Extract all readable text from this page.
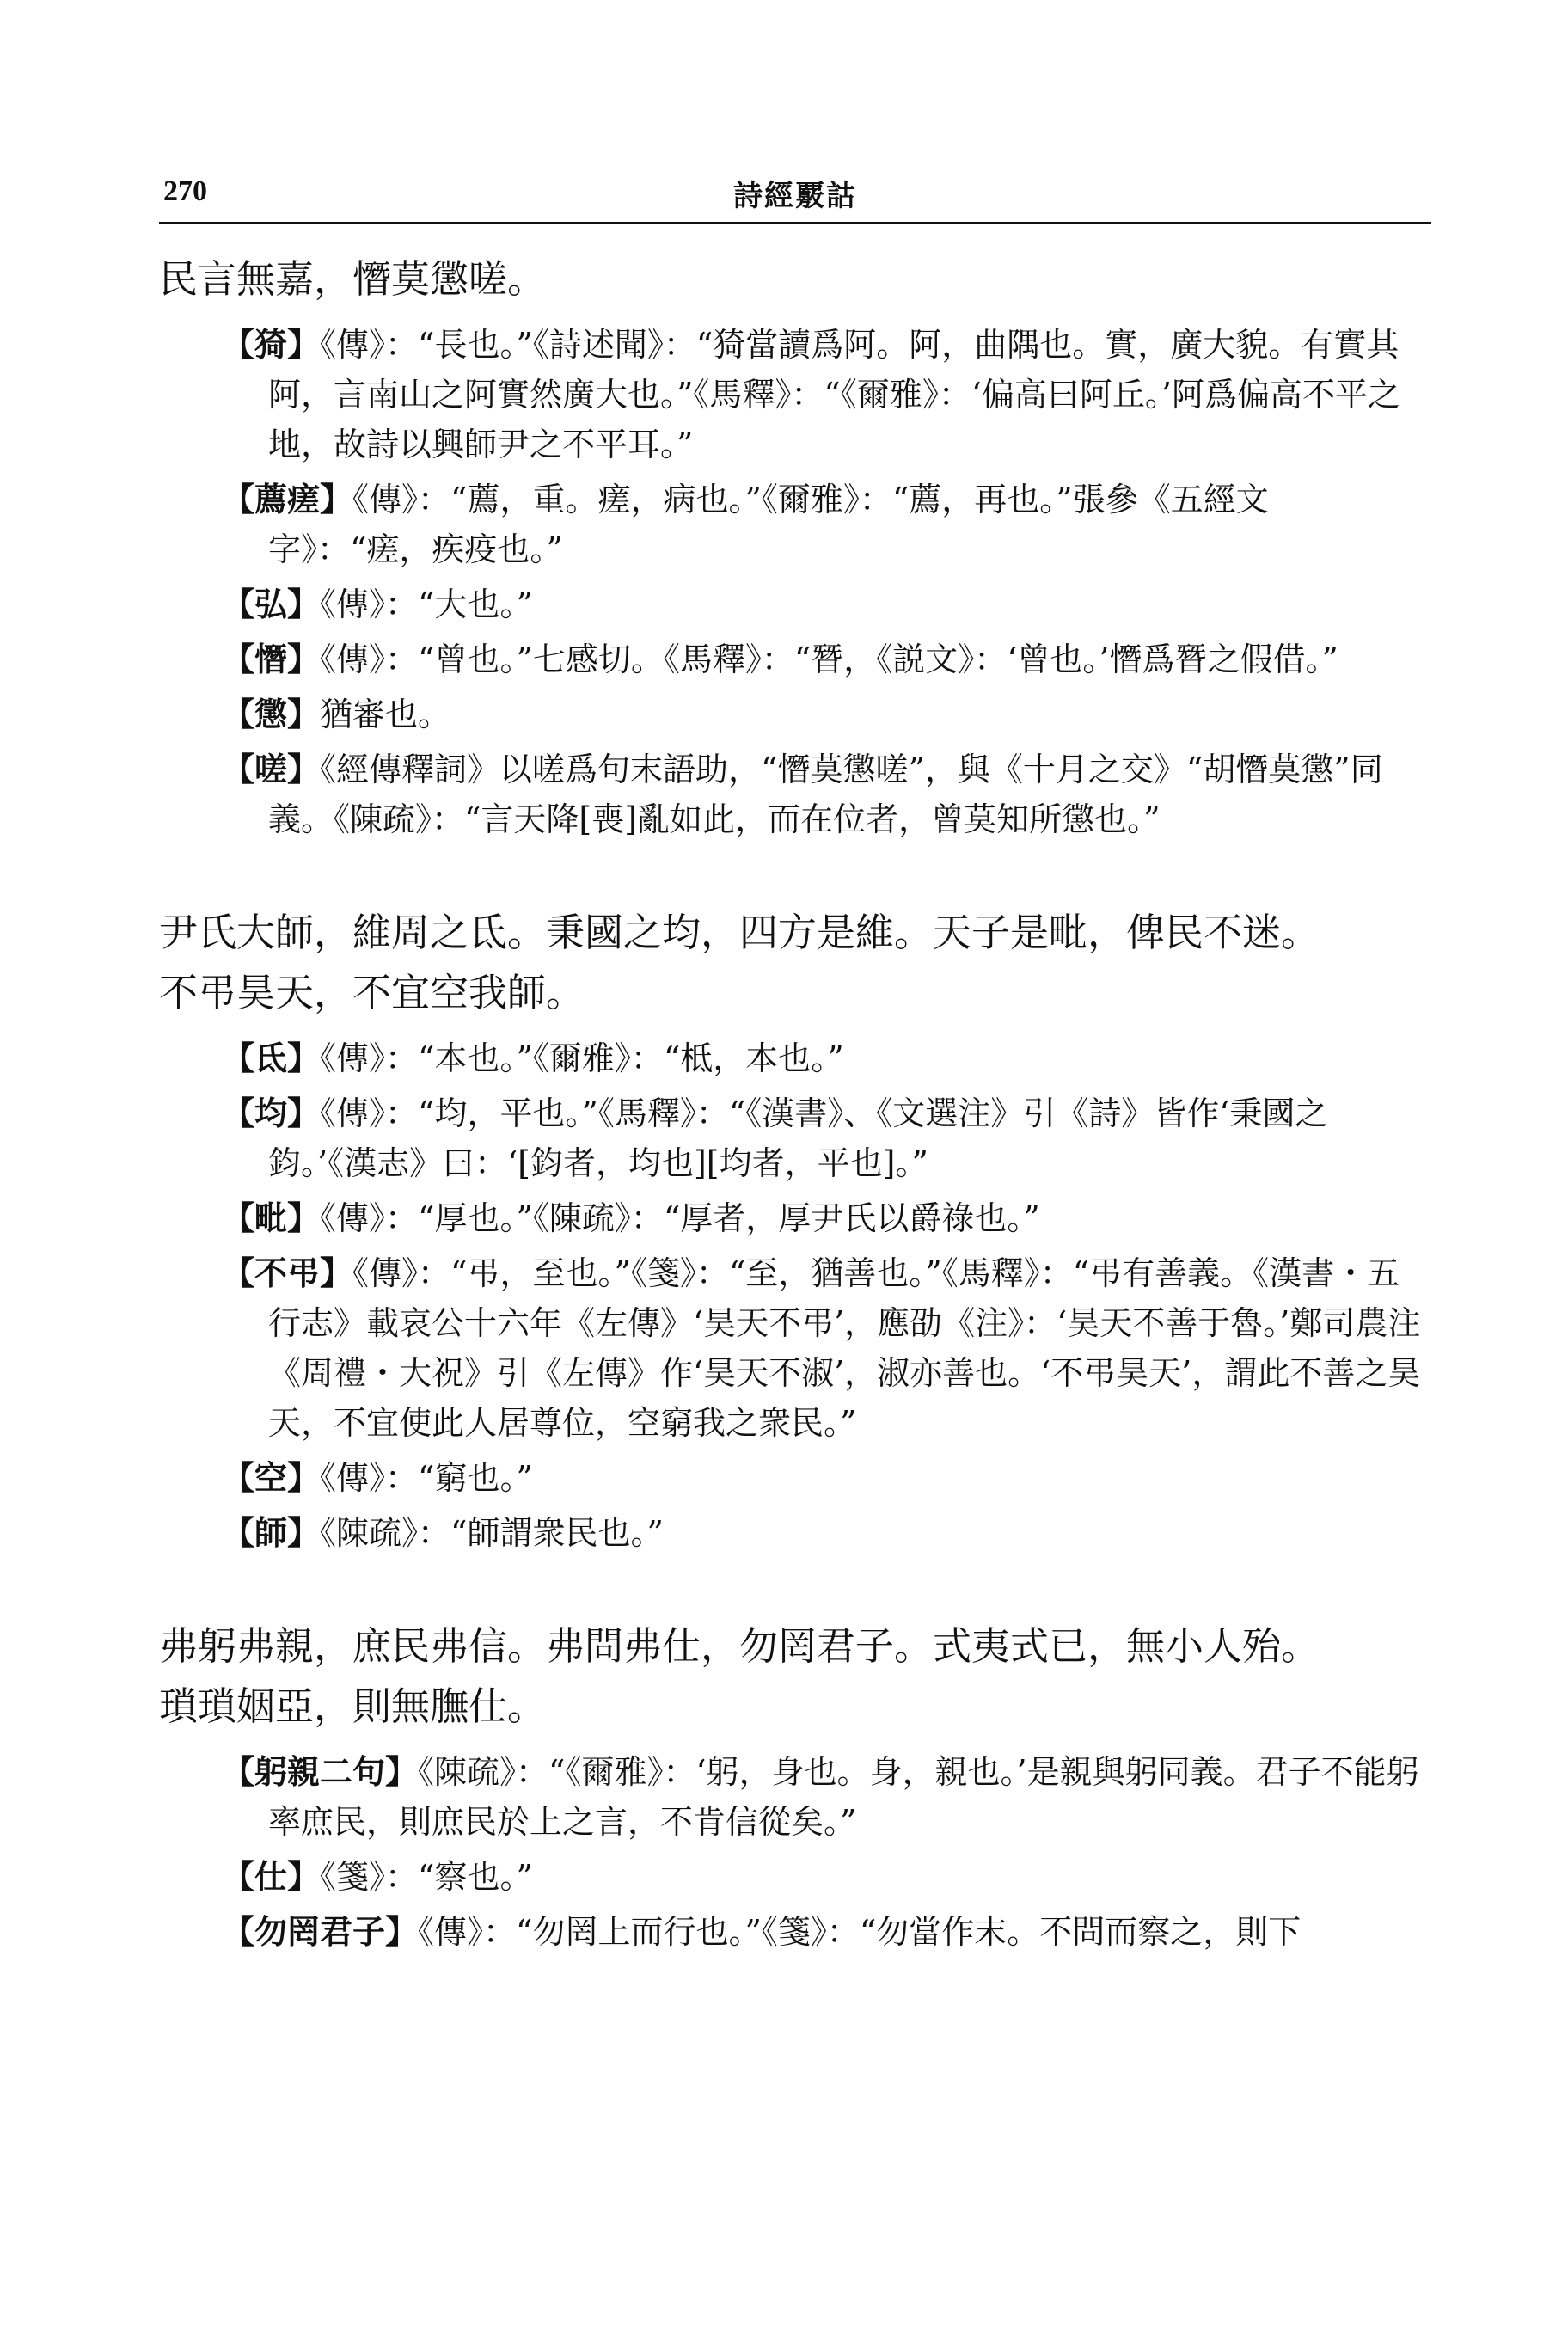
270	詩經覈詁

民言無嘉，憯莫懲嗟。

【猗】《傳》：“長也。”《詩述聞》：“猗當讀爲阿。阿，曲隅也。實，廣大貌。有實其阿，言南山之阿實然廣大也。”《馬釋》：“《爾雅》：‘偏高曰阿丘。’阿爲偏高不平之地，故詩以興師尹之不平耳。”
【薦瘥】《傳》：“薦，重。瘥，病也。”《爾雅》：“薦，再也。”張參《五經文字》：“瘥，疾疫也。”
【弘】《傳》：“大也。”
【憯】《傳》：“曾也。”七感切。《馬釋》：“朁，《説文》：‘曾也。’憯爲朁之假借。”
【懲】猶審也。
【嗟】《經傳釋詞》以嗟爲句末語助，“憯莫懲嗟”，與《十月之交》“胡憯莫懲”同義。《陳疏》：“言天降[喪]亂如此，而在位者，曾莫知所懲也。”

尹氏大師，維周之氐。秉國之均，四方是維。天子是毗，俾民不迷。

不弔昊天，不宜空我師。

【氐】《傳》：“本也。”《爾雅》：“柢，本也。”
【均】《傳》：“均，平也。”《馬釋》：“《漢書》、《文選注》引《詩》皆作‘秉國之鈞。’《漢志》曰：‘[鈞者，均也][均者，平也]。”
【毗】《傳》：“厚也。”《陳疏》：“厚者，厚尹氏以爵祿也。”
【不弔】《傳》：“弔，至也。”《箋》：“至，猶善也。”《馬釋》：“弔有善義。《漢書・五行志》載哀公十六年《左傳》‘昊天不弔’，應劭《注》：‘昊天不善于魯。’鄭司農注《周禮・大祝》引《左傳》作‘昊天不淑’，淑亦善也。‘不弔昊天’，謂此不善之昊天，不宜使此人居尊位，空窮我之衆民。”
【空】《傳》：“窮也。”
【師】《陳疏》：“師謂衆民也。”

弗躬弗親，庶民弗信。弗問弗仕，勿罔君子。式夷式已，無小人殆。

瑣瑣姻亞，則無膴仕。

【躬親二句】《陳疏》：“《爾雅》：‘躬，身也。身，親也。’是親與躬同義。君子不能躬率庶民，則庶民於上之言，不肯信從矣。”
【仕】《箋》：“察也。”
【勿罔君子】《傳》：“勿罔上而行也。”《箋》：“勿當作末。不問而察之，則下
